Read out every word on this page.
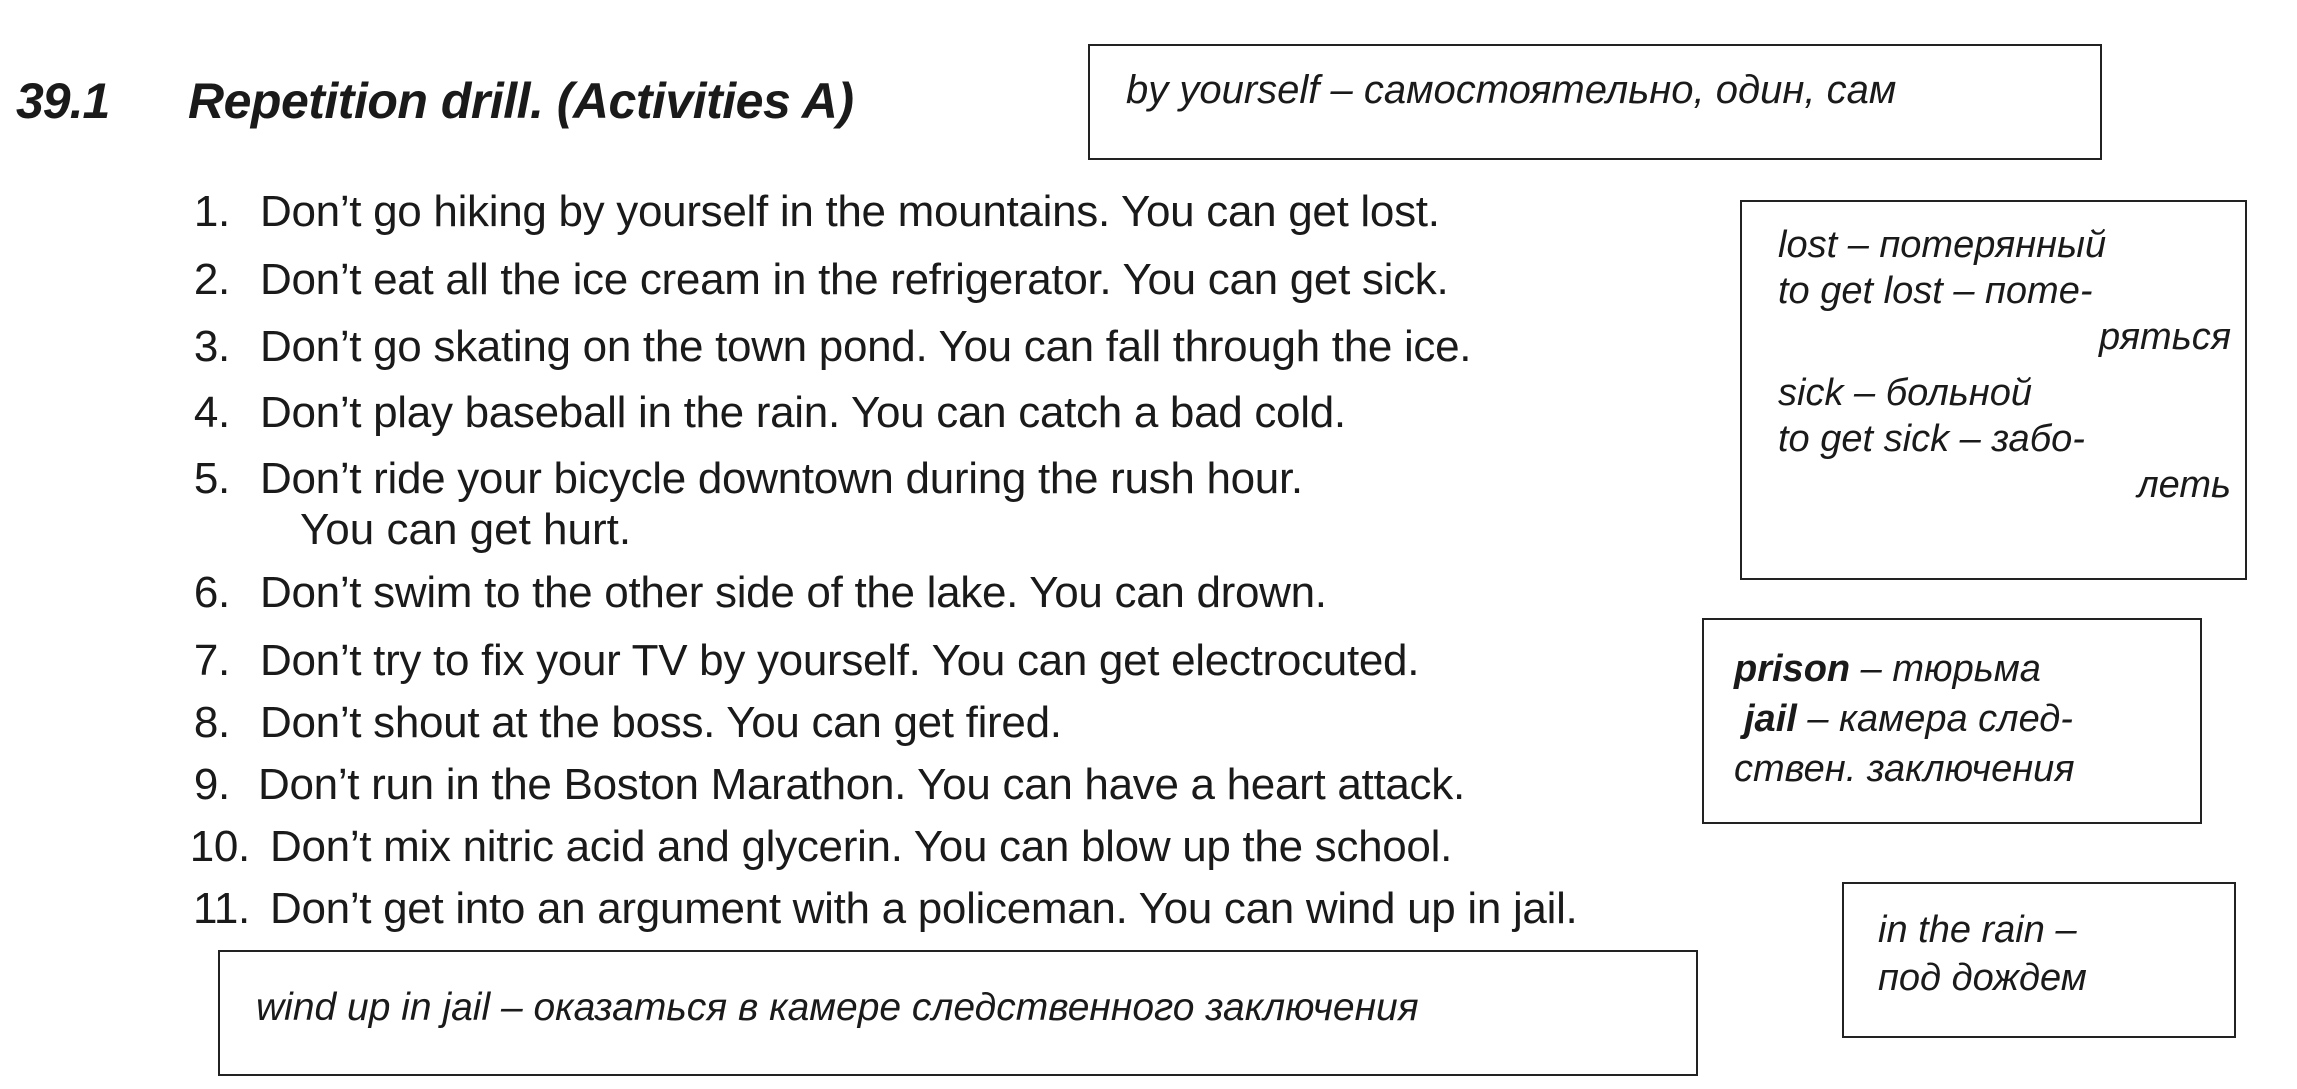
39.1 Repetition drill. (Activities A)	by yourself – самостоятельно, один, сам
1. Don’t go hiking by yourself in the mountains. You can get lost.
2. Don’t eat all the ice cream in the refrigerator. You can get sick.
3. Don’t go skating on the town pond. You can fall through the ice.
4. Don’t play baseball in the rain. You can catch a bad cold.
5. Don’t ride your bicycle downtown during the rush hour.
You can get hurt.
6. Don’t swim to the other side of the lake. You can drown.
7. Don’t try to fix your TV by yourself. You can get electrocuted.
8. Don’t shout at the boss. You can get fired.
9. Don’t run in the Boston Marathon. You can have a heart attack.
10. Don’t mix nitric acid and glycerin. You can blow up the school.
11. Don’t get into an argument with a policeman. You can wind up in jail.
lost – потерянный
to get lost – поте-
ряться
sick – больной
to get sick – забо-
леть
prison – тюрьма
jail – камера след-
ствен. заключения
in the rain –
под дождем
wind up in jail – оказаться в камере следственного заключения
